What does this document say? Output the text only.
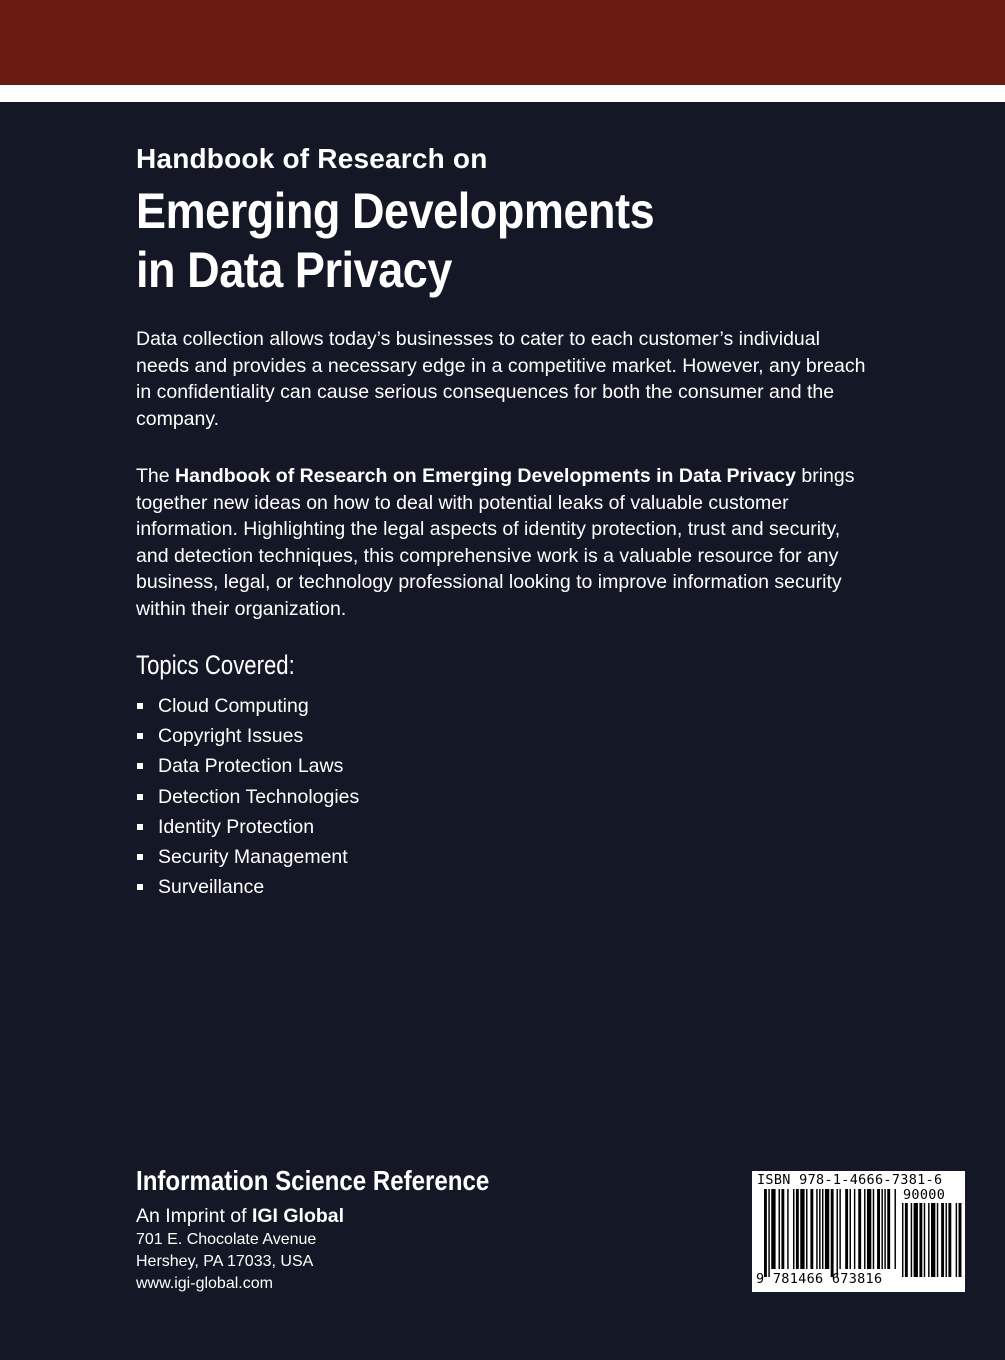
Handbook of Research on
Emerging Developments
in Data Privacy

Data collection allows today’s businesses to cater to each customer’s individual needs and provides a necessary edge in a competitive market. However, any breach in confidentiality can cause serious consequences for both the consumer and the company.

The Handbook of Research on Emerging Developments in Data Privacy brings together new ideas on how to deal with potential leaks of valuable customer information. Highlighting the legal aspects of identity protection, trust and security, and detection techniques, this comprehensive work is a valuable resource for any business, legal, or technology professional looking to improve information security within their organization.

Topics Covered:
Cloud Computing
Copyright Issues
Data Protection Laws
Detection Technologies
Identity Protection
Security Management
Surveillance
Information Science Reference
An Imprint of IGI Global
701 E. Chocolate Avenue
Hershey, PA 17033, USA
www.igi-global.com
ISBN 978-1-4666-7381-6
90000
9 781466 673816
